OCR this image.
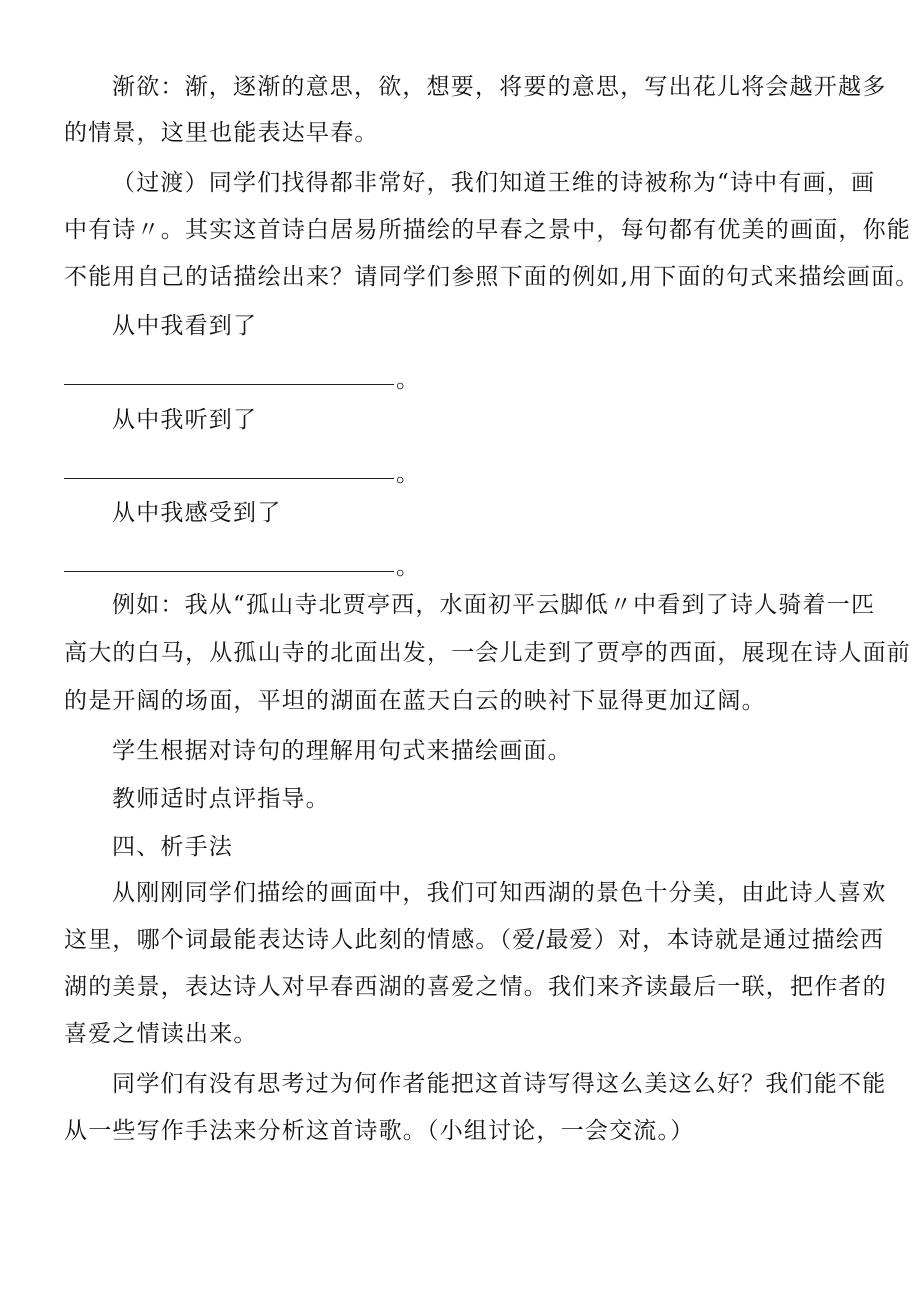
渐欲：渐，逐渐的意思，欲，想要，将要的意思，写出花儿将会越开越多
的情景，这里也能表达早春。
（过渡）同学们找得都非常好，我们知道王维的诗被称为“诗中有画，画
中有诗〃。其实这首诗白居易所描绘的早春之景中，每句都有优美的画面，你能
不能用自己的话描绘出来？请同学们参照下面的例如,用下面的句式来描绘画面。
从中我看到了
。
从中我听到了
。
从中我感受到了
。
例如：我从“孤山寺北贾亭西，水面初平云脚低〃中看到了诗人骑着一匹
高大的白马，从孤山寺的北面出发，一会儿走到了贾亭的西面，展现在诗人面前
的是开阔的场面，平坦的湖面在蓝天白云的映衬下显得更加辽阔。
学生根据对诗句的理解用句式来描绘画面。
教师适时点评指导。
四、析手法
从刚刚同学们描绘的画面中，我们可知西湖的景色十分美，由此诗人喜欢
这里，哪个词最能表达诗人此刻的情感。（爱/最爱）对，本诗就是通过描绘西
湖的美景，表达诗人对早春西湖的喜爱之情。我们来齐读最后一联，把作者的
喜爱之情读出来。
同学们有没有思考过为何作者能把这首诗写得这么美这么好？我们能不能
从一些写作手法来分析这首诗歌。（小组讨论，一会交流。）
